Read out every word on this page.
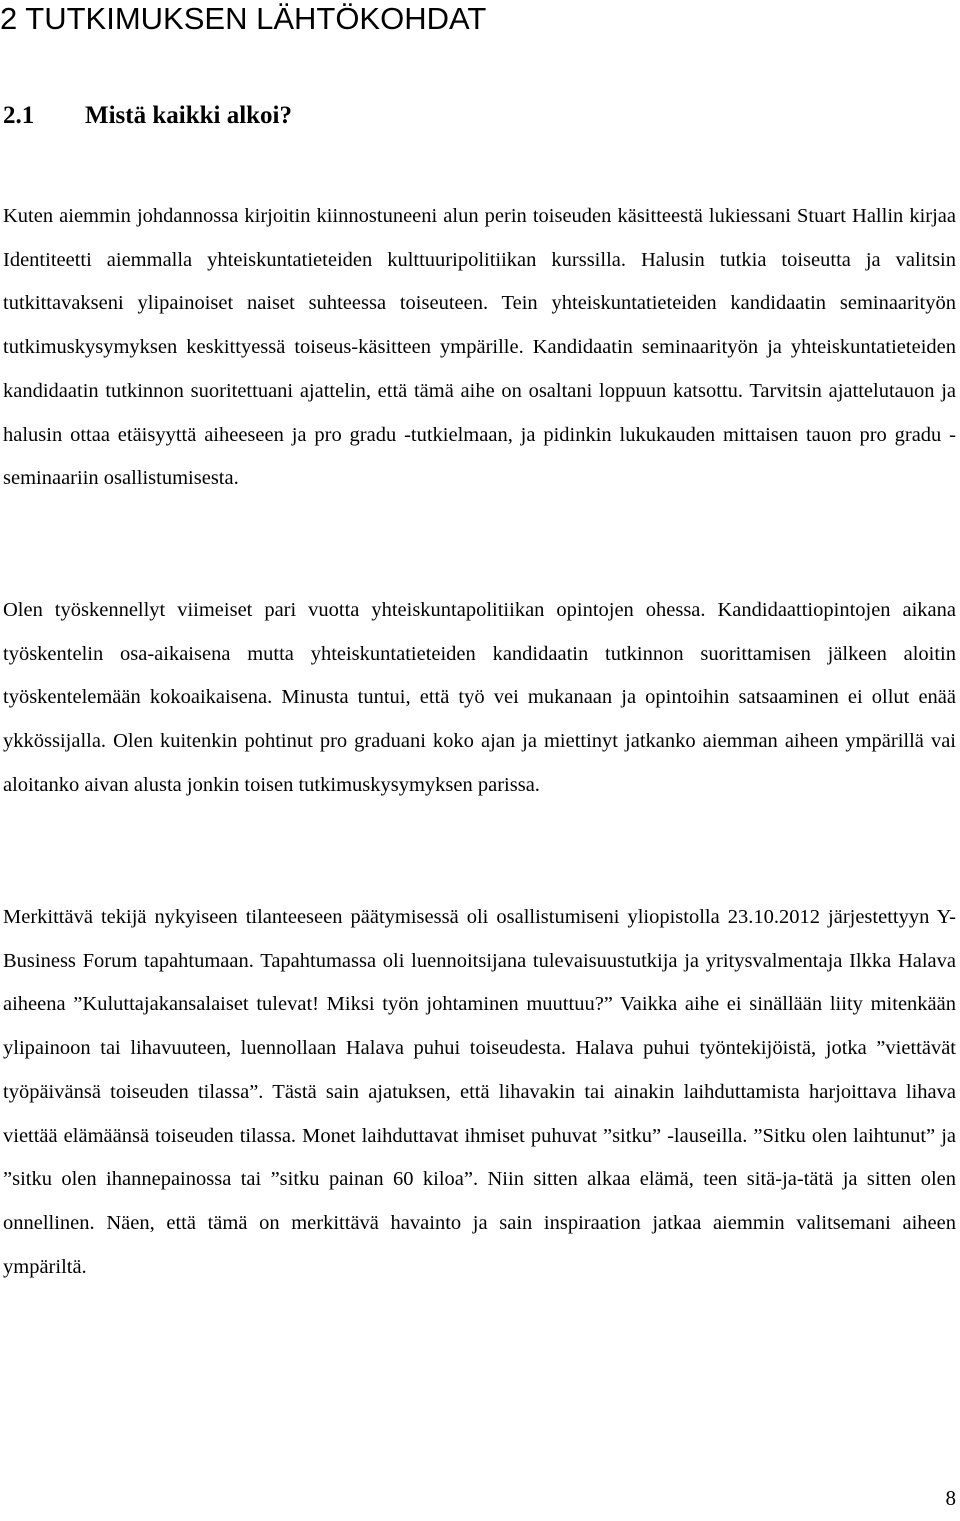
2 TUTKIMUKSEN LÄHTÖKOHDAT
2.1 Mistä kaikki alkoi?

Kuten aiemmin johdannossa kirjoitin kiinnostuneeni alun perin toiseuden käsitteestä lukiessani Stuart Hallin kirjaa Identiteetti aiemmalla yhteiskuntatieteiden kulttuuripolitiikan kurssilla. Halusin tutkia toiseutta ja valitsin tutkittavakseni ylipainoiset naiset suhteessa toiseuteen. Tein yhteiskuntatieteiden kandidaatin seminaarityön tutkimuskysymyksen keskittyessä toiseus-käsitteen ympärille. Kandidaatin seminaarityön ja yhteiskuntatieteiden kandidaatin tutkinnon suoritettuani ajattelin, että tämä aihe on osaltani loppuun katsottu. Tarvitsin ajattelutauon ja halusin ottaa etäisyyttä aiheeseen ja pro gradu -tutkielmaan, ja pidinkin lukukauden mittaisen tauon pro gradu -seminaariin osallistumisesta.

Olen työskennellyt viimeiset pari vuotta yhteiskuntapolitiikan opintojen ohessa. Kandidaattiopintojen aikana työskentelin osa-aikaisena mutta yhteiskuntatieteiden kandidaatin tutkinnon suorittamisen jälkeen aloitin työskentelemään kokoaikaisena. Minusta tuntui, että työ vei mukanaan ja opintoihin satsaaminen ei ollut enää ykkössijalla. Olen kuitenkin pohtinut pro graduani koko ajan ja miettinyt jatkanko aiemman aiheen ympärillä vai aloitanko aivan alusta jonkin toisen tutkimuskysymyksen parissa.

Merkittävä tekijä nykyiseen tilanteeseen päätymisessä oli osallistumiseni yliopistolla 23.10.2012 järjestettyyn Y-Business Forum tapahtumaan. Tapahtumassa oli luennoitsijana tulevaisuustutkija ja yritysvalmentaja Ilkka Halava aiheena ”Kuluttajakansalaiset tulevat! Miksi työn johtaminen muuttuu?” Vaikka aihe ei sinällään liity mitenkään ylipainoon tai lihavuuteen, luennollaan Halava puhui toiseudesta. Halava puhui työntekijöistä, jotka ”viettävät työpäivänsä toiseuden tilassa”. Tästä sain ajatuksen, että lihavakin tai ainakin laihduttamista harjoittava lihava viettää elämäänsä toiseuden tilassa. Monet laihduttavat ihmiset puhuvat ”sitku” -lauseilla. ”Sitku olen laihtunut” ja ”sitku olen ihannepainossa tai ”sitku painan 60 kiloa”. Niin sitten alkaa elämä, teen sitä-ja-tätä ja sitten olen onnellinen. Näen, että tämä on merkittävä havainto ja sain inspiraation jatkaa aiemmin valitsemani aiheen ympäriltä.

8
